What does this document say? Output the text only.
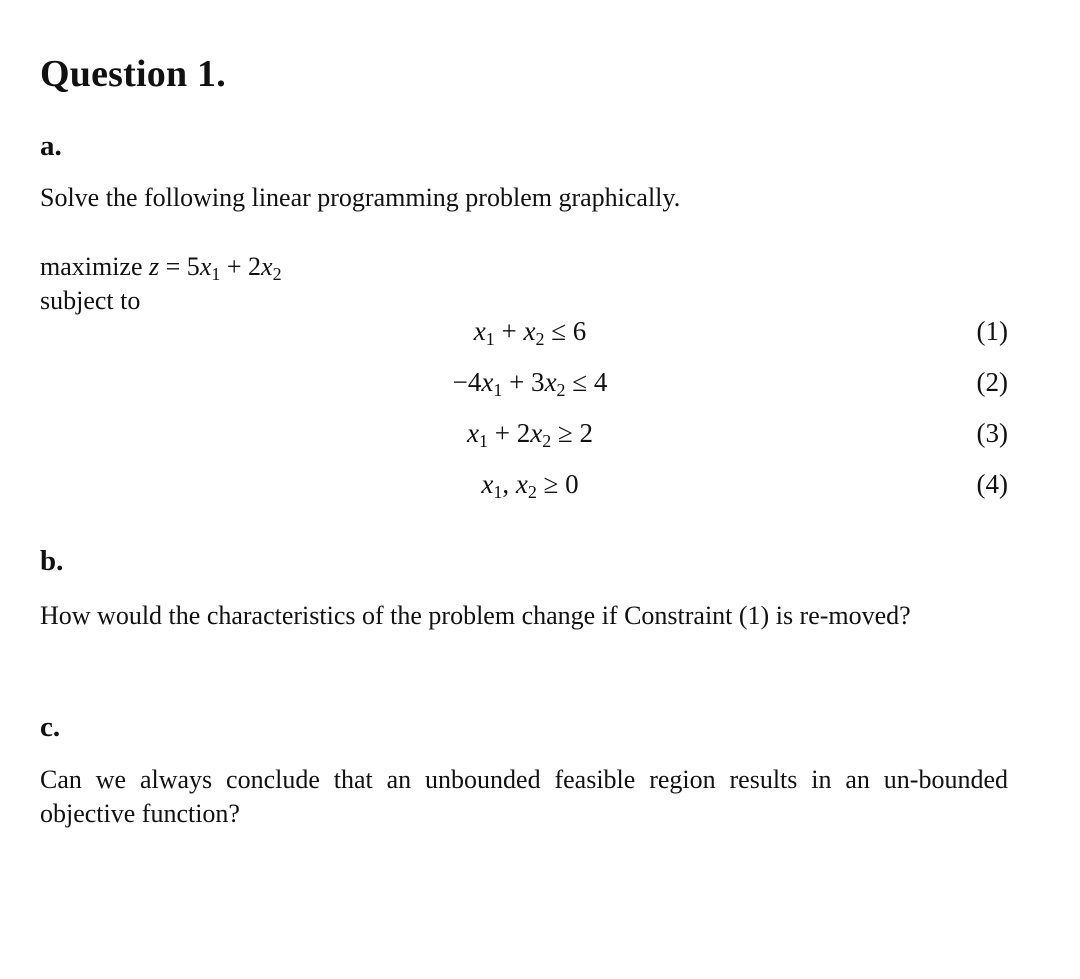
Question 1.
a.
Solve the following linear programming problem graphically.
maximize $z = 5x_1 + 2x_2$
subject to
$x_1 + x_2 \le 6$	(1)
$-4x_1 + 3x_2 \le 4$	(2)
$x_1 + 2x_2 \ge 2$	(3)
$x_1$, $x_2 \ge 0$	(4)
b.
How would the characteristics of the problem change if Constraint (1) is re-moved?
c.
Can we always conclude that an unbounded feasible region results in an un-bounded objective function?
